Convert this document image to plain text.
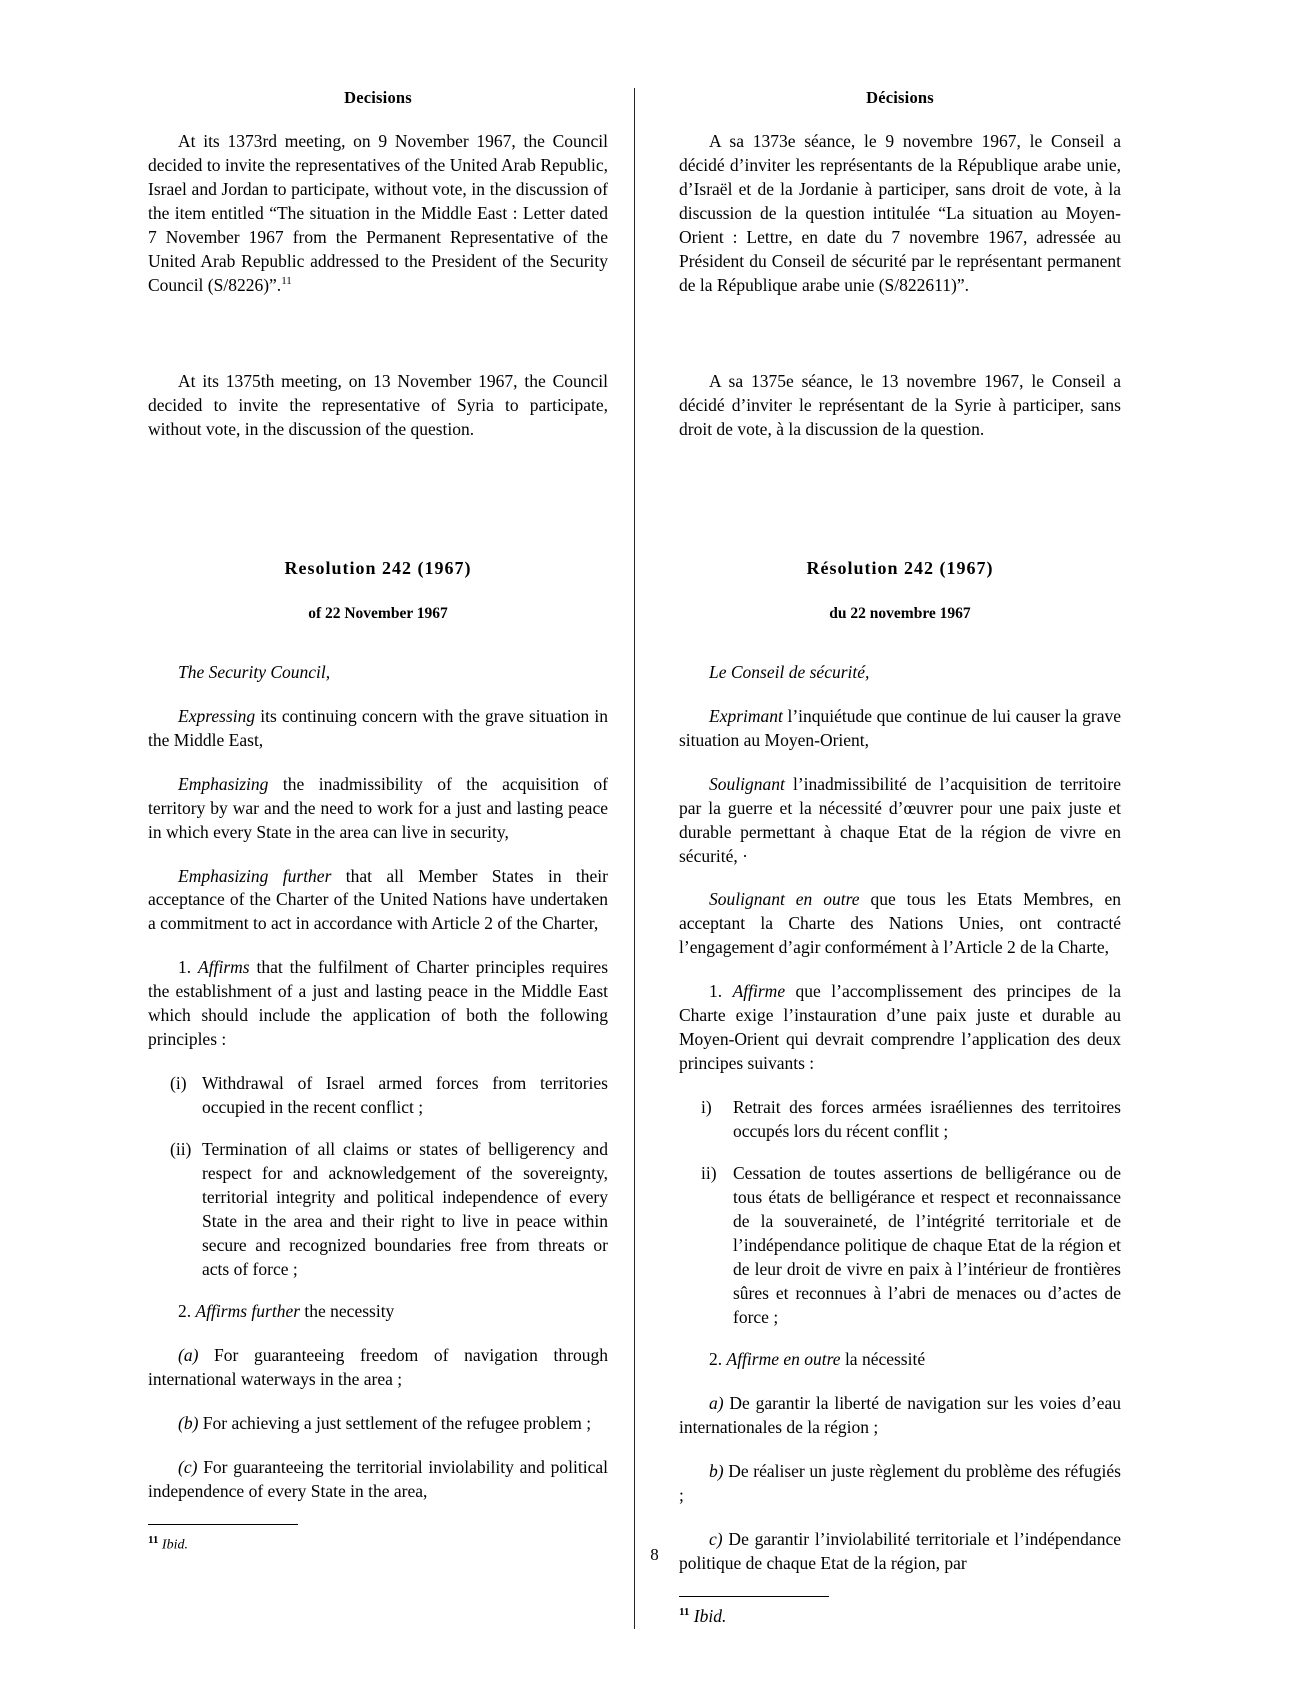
Decisions

At its 1373rd meeting, on 9 November 1967, the Council decided to invite the representatives of the United Arab Republic, Israel and Jordan to participate, without vote, in the discussion of the item entitled “The situation in the Middle East : Letter dated 7 November 1967 from the Permanent Representative of the United Arab Republic addressed to the President of the Security Council (S/8226)”.$^{11}$

At its 1375th meeting, on 13 November 1967, the Council decided to invite the representative of Syria to participate, without vote, in the discussion of the question.

Resolution 242 (1967)
of 22 November 1967

The Security Council,

Expressing its continuing concern with the grave situation in the Middle East,

Emphasizing the inadmissibility of the acquisition of territory by war and the need to work for a just and lasting peace in which every State in the area can live in security,

Emphasizing further that all Member States in their acceptance of the Charter of the United Nations have undertaken a commitment to act in accordance with Article 2 of the Charter,

1. Affirms that the fulfilment of Charter principles requires the establishment of a just and lasting peace in the Middle East which should include the application of both the following principles :

(i) Withdrawal of Israel armed forces from territories occupied in the recent conflict ;
(ii) Termination of all claims or states of belligerency and respect for and acknowledgement of the sovereignty, territorial integrity and political independence of every State in the area and their right to live in peace within secure and recognized boundaries free from threats or acts of force ;

2. Affirms further the necessity

(a) For guaranteeing freedom of navigation through international waterways in the area ;

(b) For achieving a just settlement of the refugee problem ;

(c) For guaranteeing the territorial inviolability and political independence of every State in the area,

$^{11}$ Ibid.

Décisions

A sa 1373e séance, le 9 novembre 1967, le Conseil a décidé d’inviter les représentants de la République arabe unie, d’Israël et de la Jordanie à participer, sans droit de vote, à la discussion de la question intitulée “La situation au Moyen-Orient : Lettre, en date du 7 novembre 1967, adressée au Président du Conseil de sécurité par le représentant permanent de la République arabe unie (S/822611)”.

A sa 1375e séance, le 13 novembre 1967, le Conseil a décidé d’inviter le représentant de la Syrie à participer, sans droit de vote, à la discussion de la question.

Résolution 242 (1967)
du 22 novembre 1967

Le Conseil de sécurité,

Exprimant l’inquiétude que continue de lui causer la grave situation au Moyen-Orient,

Soulignant l’inadmissibilité de l’acquisition de territoire par la guerre et la nécessité d’œuvrer pour une paix juste et durable permettant à chaque Etat de la région de vivre en sécurité, ·

Soulignant en outre que tous les Etats Membres, en acceptant la Charte des Nations Unies, ont contracté l’engagement d’agir conformément à l’Article 2 de la Charte,

1. Affirme que l’accomplissement des principes de la Charte exige l’instauration d’une paix juste et durable au Moyen-Orient qui devrait comprendre l’application des deux principes suivants :

i)	Retrait des forces armées israéliennes des territoires occupés lors du récent conflit ;
ii) Cessation de toutes assertions de belligérance ou de tous états de belligérance et respect et reconnaissance de la souveraineté, de l’intégrité territoriale et de l’indépendance politique de chaque Etat de la région et de leur droit de vivre en paix à l’intérieur de frontières sûres et reconnues à l’abri de menaces ou d’actes de force ;

2. Affirme en outre la nécessité

a) De garantir la liberté de navigation sur les voies d’eau internationales de la région ;

b) De réaliser un juste règlement du problème des réfugiés ;

c) De garantir l’inviolabilité territoriale et l’indépendance politique de chaque Etat de la région, par

$^{11}$ Ibid.

8
